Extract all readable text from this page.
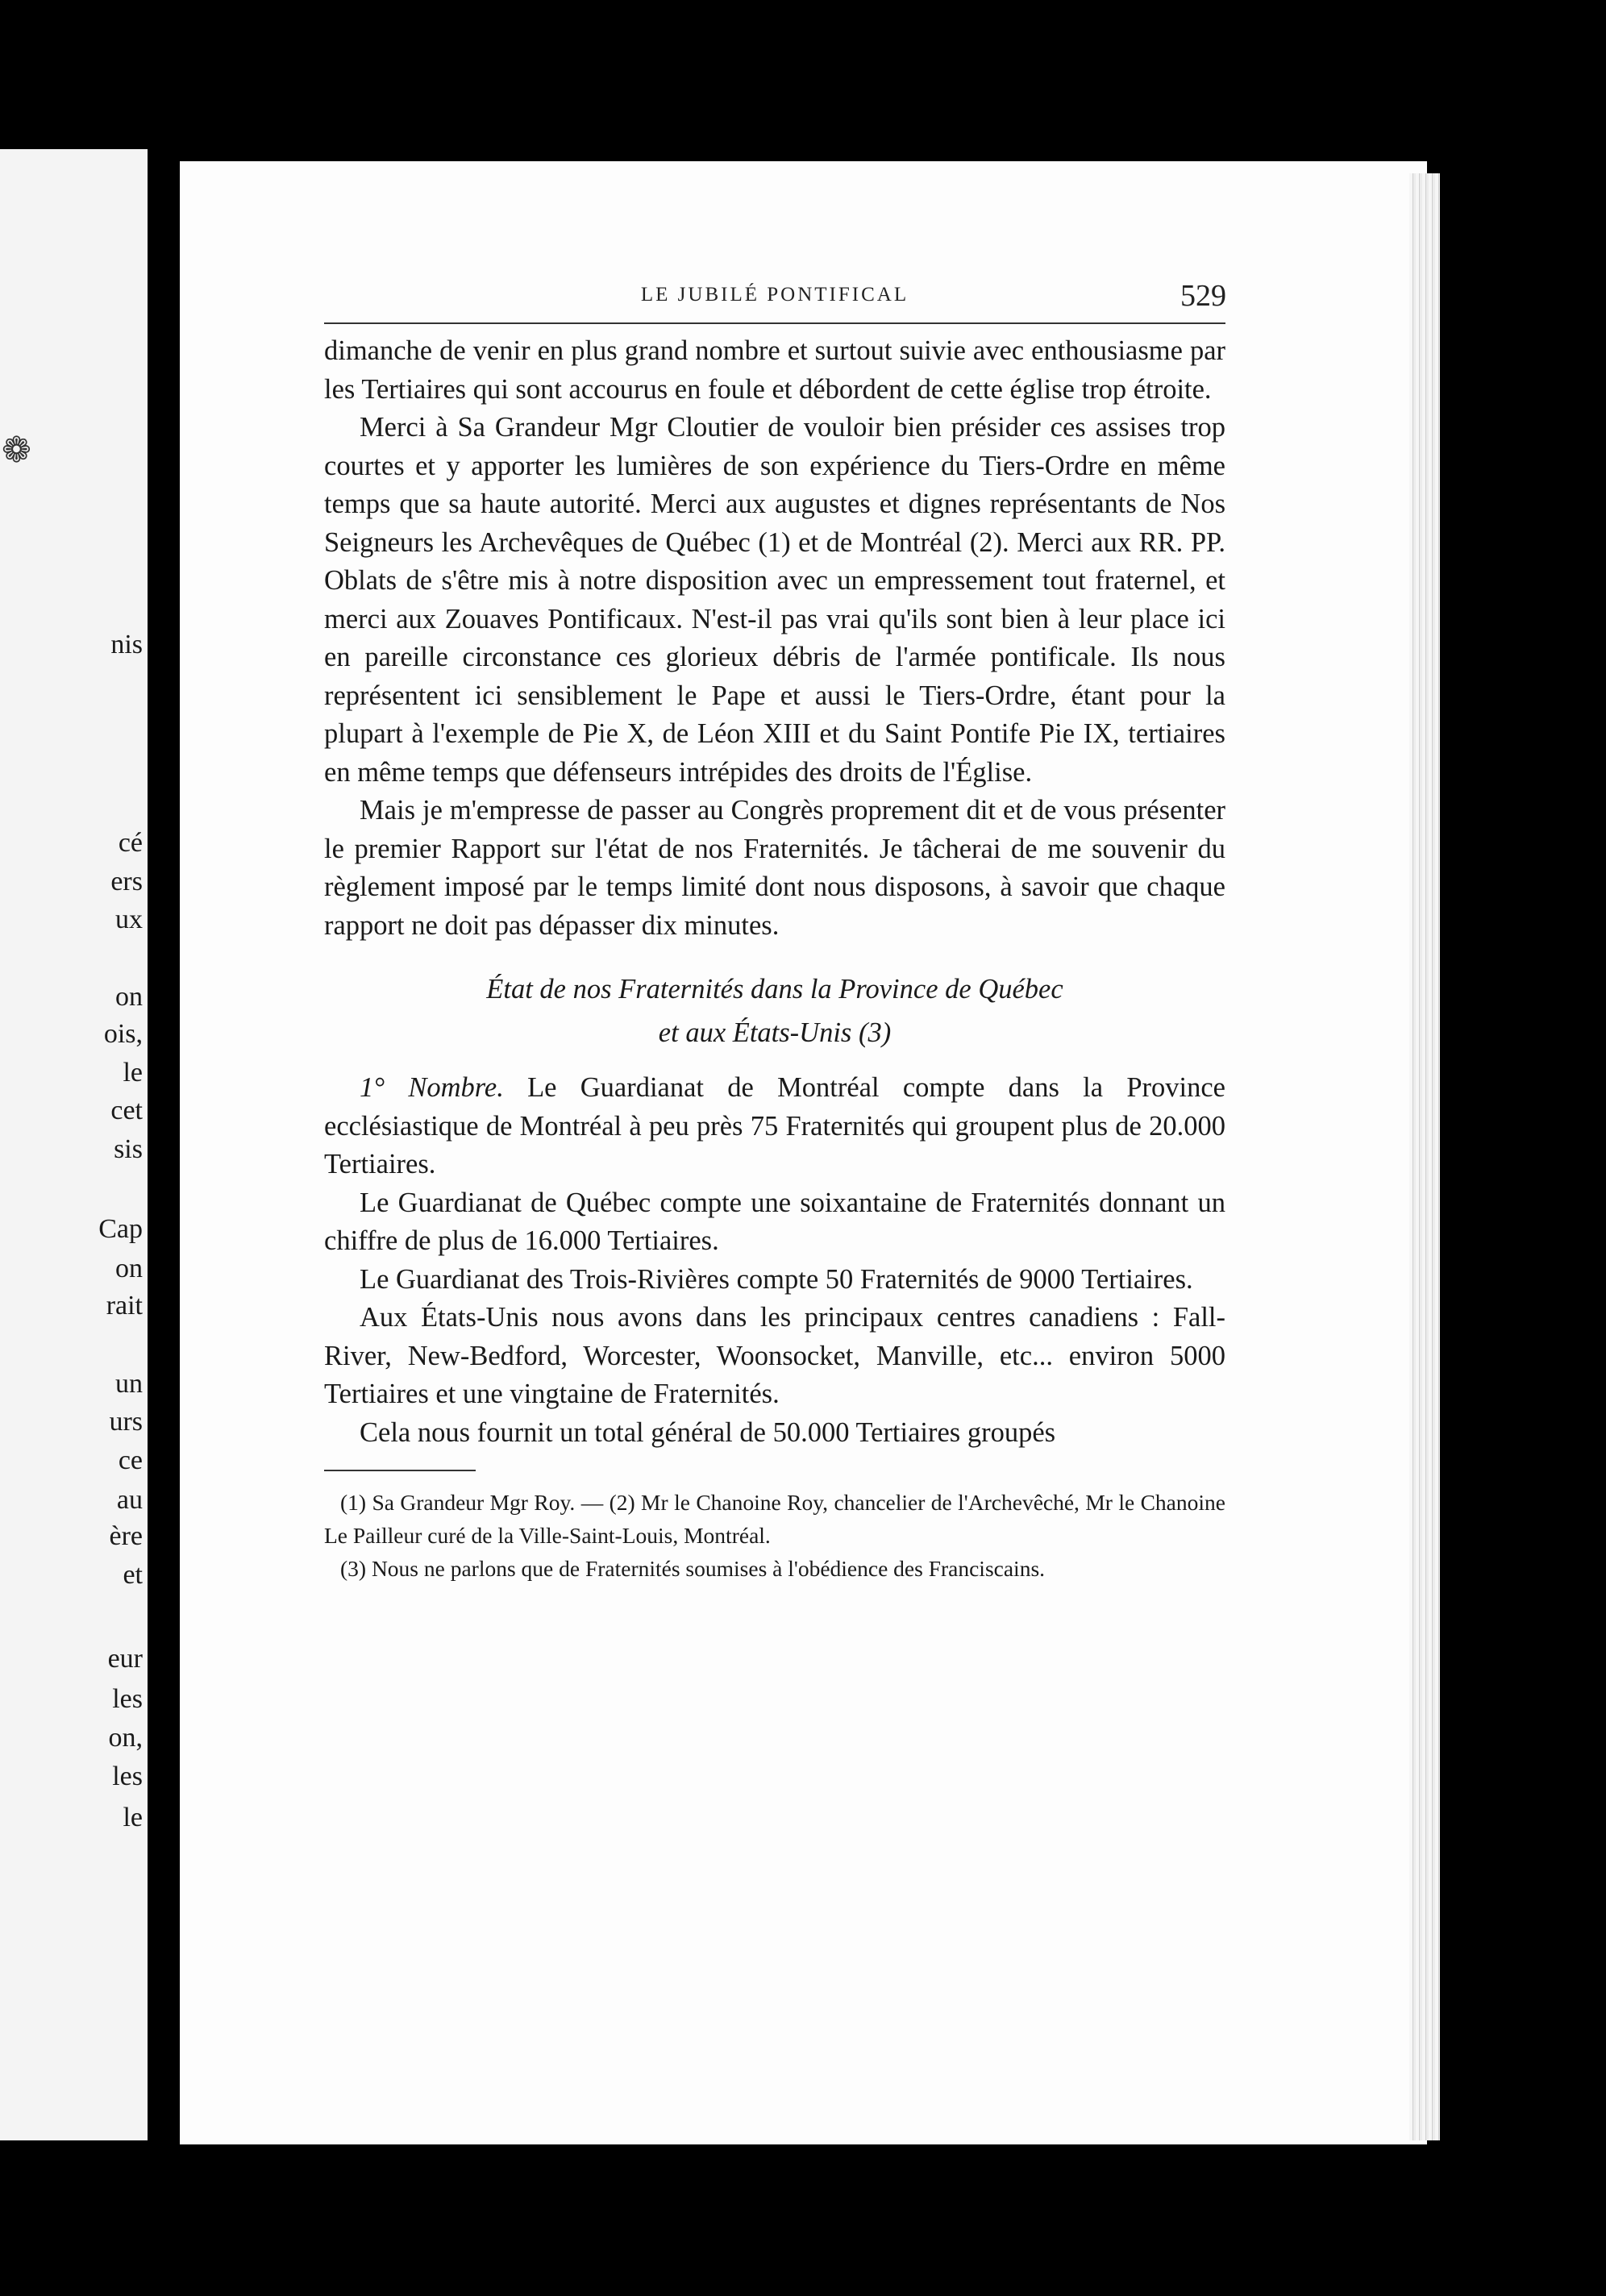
❁
nis
cé
ers
ux
on
ois,
le
cet
sis
Cap
on
rait
un
urs
ce
au
ère
et
eur
les
on,
les
le
LE JUBILÉ PONTIFICAL	529

dimanche de venir en plus grand nombre et surtout suivie avec enthousiasme par les Tertiaires qui sont accourus en foule et débordent de cette église trop étroite.

Merci à Sa Grandeur Mgr Cloutier de vouloir bien présider ces assises trop courtes et y apporter les lumières de son expérience du Tiers-Ordre en même temps que sa haute autorité. Merci aux augustes et dignes représentants de Nos Seigneurs les Archevêques de Québec (1) et de Montréal (2). Merci aux RR. PP. Oblats de s'être mis à notre disposition avec un empressement tout fraternel, et merci aux Zouaves Pontificaux. N'est-il pas vrai qu'ils sont bien à leur place ici en pareille circonstance ces glorieux débris de l'armée pontificale. Ils nous représentent ici sensiblement le Pape et aussi le Tiers-Ordre, étant pour la plupart à l'exemple de Pie X, de Léon XIII et du Saint Pontife Pie IX, tertiaires en même temps que défenseurs intrépides des droits de l'Église.

Mais je m'empresse de passer au Congrès proprement dit et de vous présenter le premier Rapport sur l'état de nos Fraternités. Je tâcherai de me souvenir du règlement imposé par le temps limité dont nous disposons, à savoir que chaque rapport ne doit pas dépasser dix minutes.

État de nos Fraternités dans la Province de Québec
et aux États-Unis (3)

1° Nombre. Le Guardianat de Montréal compte dans la Province ecclésiastique de Montréal à peu près 75 Fraternités qui groupent plus de 20.000 Tertiaires.

Le Guardianat de Québec compte une soixantaine de Fraternités donnant un chiffre de plus de 16.000 Tertiaires.

Le Guardianat des Trois-Rivières compte 50 Fraternités de 9000 Tertiaires.

Aux États-Unis nous avons dans les principaux centres canadiens : Fall-River, New-Bedford, Worcester, Woonsocket, Manville, etc... environ 5000 Tertiaires et une vingtaine de Fraternités.

Cela nous fournit un total général de 50.000 Tertiaires groupés

(1) Sa Grandeur Mgr Roy. — (2) Mr le Chanoine Roy, chancelier de l'Archevêché, Mr le Chanoine Le Pailleur curé de la Ville-Saint-Louis, Montréal.

(3) Nous ne parlons que de Fraternités soumises à l'obédience des Franciscains.
